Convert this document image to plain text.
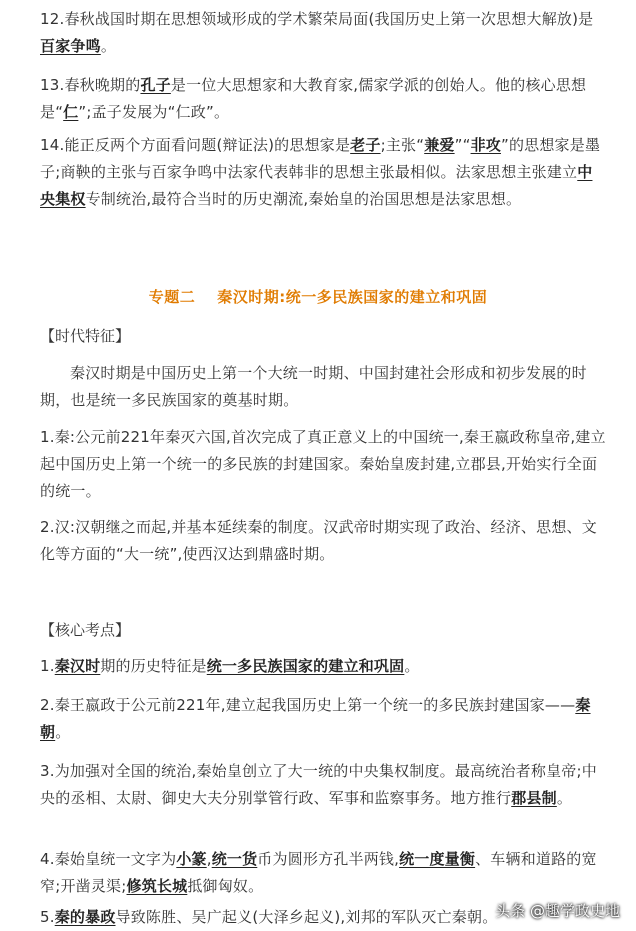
12.春秋战国时期在思想领域形成的学术繁荣局面(我国历史上第一次思想大解放)是百家争鸣。

13.春秋晚期的孔子是一位大思想家和大教育家,儒家学派的创始人。他的核心思想是“仁”;孟子发展为“仁政”。

14.能正反两个方面看问题(辩证法)的思想家是老子;主张“兼爱”“非攻”的思想家是墨子;商鞅的主张与百家争鸣中法家代表韩非的思想主张最相似。法家思想主张建立中央集权专制统治,最符合当时的历史潮流,秦始皇的治国思想是法家思想。

专题二 秦汉时期:统一多民族国家的建立和巩固
【时代特征】

秦汉时期是中国历史上第一个大统一时期、中国封建社会形成和初步发展的时期，也是统一多民族国家的奠基时期。

1.秦:公元前221年秦灭六国,首次完成了真正意义上的中国统一,秦王嬴政称皇帝,建立起中国历史上第一个统一的多民族的封建国家。秦始皇废封建,立郡县,开始实行全面的统一。

2.汉:汉朝继之而起,并基本延续秦的制度。汉武帝时期实现了政治、经济、思想、文化等方面的“大一统”,使西汉达到鼎盛时期。

【核心考点】

1.秦汉时期的历史特征是统一多民族国家的建立和巩固。

2.秦王嬴政于公元前221年,建立起我国历史上第一个统一的多民族封建国家——秦朝。

3.为加强对全国的统治,秦始皇创立了大一统的中央集权制度。最高统治者称皇帝;中央的丞相、太尉、御史大夫分别掌管行政、军事和监察事务。地方推行郡县制。

4.秦始皇统一文字为小篆,统一货币为圆形方孔半两钱,统一度量衡、车辆和道路的宽窄;开凿灵渠;修筑长城抵御匈奴。

5.秦的暴政导致陈胜、吴广起义(大泽乡起义),刘邦的军队灭亡秦朝。

头条 @趣学政史地
